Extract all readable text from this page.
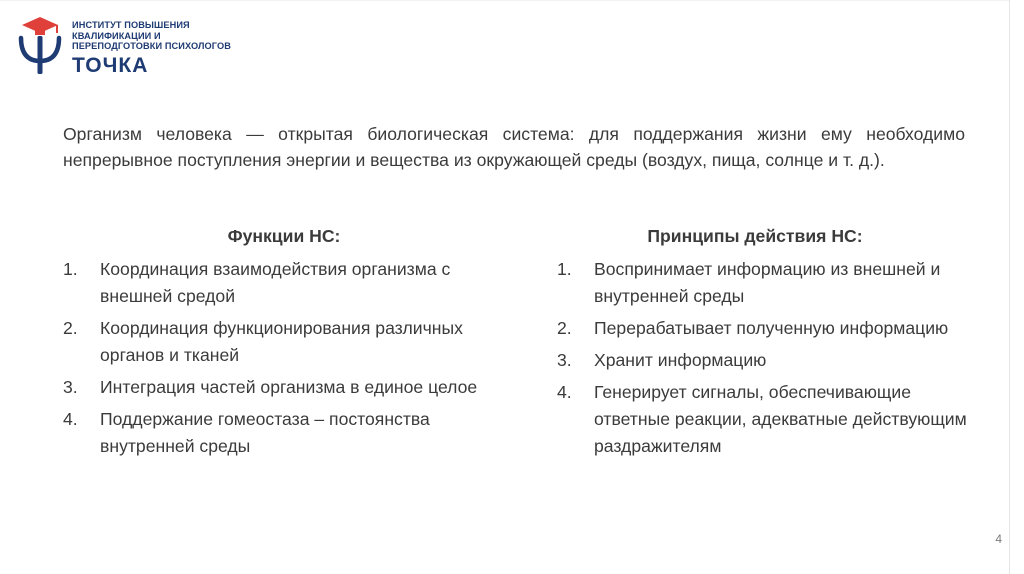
ИНСТИТУТ ПОВЫШЕНИЯ
КВАЛИФИКАЦИИ И
ПЕРЕПОДГОТОВКИ ПСИХОЛОГОВ
ТОЧКА

Организм человека — открытая биологическая система: для поддержания жизни ему необходимо непрерывное поступления энергии и вещества из окружающей среды (воздух, пища, солнце и т. д.).

Функции НС:
1. Координация взаимодействия организма с внешней средой
2. Координация функционирования различных органов и тканей
3. Интеграция частей организма в единое целое
4. Поддержание гомеостаза – постоянства внутренней среды
Принципы действия НС:
1. Воспринимает информацию из внешней и внутренней среды
2. Перерабатывает полученную информацию
3. Хранит информацию
4. Генерирует сигналы, обеспечивающие ответные реакции, адекватные действующим раздражителям
4
